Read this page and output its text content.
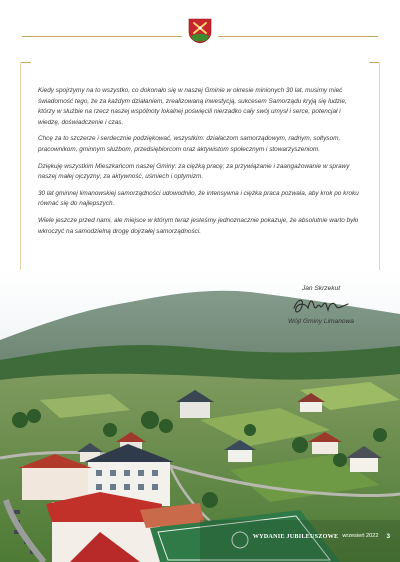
Kiedy spojrzymy na to wszystko, co dokonało się w naszej Gminie w okresie minionych 30 lat, musimy mieć świadomość tego, że za każdym działaniem, zrealizowaną inwestycją, sukcesem Samorządu kryją się ludzie, którzy w służbie na rzecz naszej wspólnoty lokalnej poświęcili nierzadko cały swój umysł i serce, potencjał i wiedzę, doświadczenie i czas.

Chcę za to szczerze i serdecznie podziękować, wszystkim: działaczom samorządowym, radnym, sołtysom, pracownikom, gminnym służbom, przedsiębiorcom oraz aktywistom społecznym i stowarzyszeniom.

Dziękuję wszystkim Mieszkańcom naszej Gminy: za ciężką pracę; za przywiązanie i zaangażowanie w sprawy naszej małej ojczyzny; za aktywność, uśmiech i optymizm.

30 lat gminnej limanowskiej samorządności udowodniło, że intensywna i ciężka praca pozwala, aby krok po kroku równać się do najlepszych.

Wiele jeszcze przed nami, ale miejsce w którym teraz jesteśmy jednoznacznie pokazuje, że absolutnie warto było wkroczyć na samodzielną drogę dojrzałej samorządności.

Jan Skrzekut
Wójt Gminy Limanowa
WYDANIE JUBILEUSZOWE wrzesień 2022 3
